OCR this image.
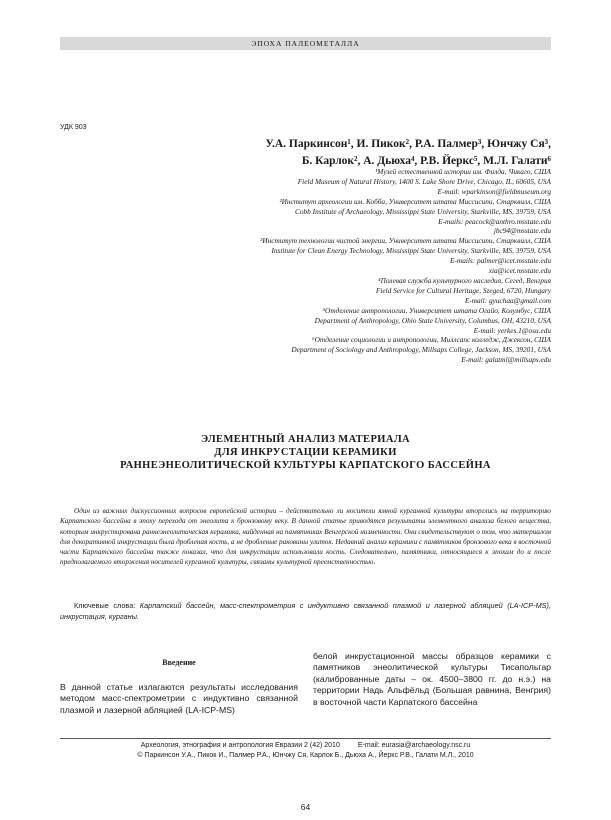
ЭПОХА ПАЛЕОМЕТАЛЛА
УДК 903
У.А. Паркинсон¹, И. Пикок², Р.А. Палмер³, Юнчжу Ся³,
Б. Карлок², А. Дьюха⁴, Р.В. Йеркс⁵, М.Л. Галати⁶
¹Музей естественной истории им. Филда, Чикаго, США
Field Museum of Natural History, 1400 S. Lake Shore Drive, Chicago, IL, 60605, USA
E-mail: wparkinson@fieldmuseum.org
²Институт археологии им. Кобба, Университет штата Миссисипи, Старквилл, США
Cobb Institute of Archaeology, Mississippi State University, Starkville, MS, 39759, USA
E-mails: peacock@anthro.msstate.edu
jbc94@msstate.edu
³Институт технологии чистой энергии, Университет штата Миссисипи, Старквилл, США
Institute for Clean Energy Technology, Mississippi State University, Starkville, MS, 39759, USA
E-mails: palmer@icet.msstate.edu
xia@icet.msstate.edu
⁴Полевая служба культурного наследия, Сегед, Венгрия
Field Service for Cultural Heritage, Szeged, 6720, Hungary
E-mail: gyuchaa@gmail.com
⁵Отделение антропологии, Университет штата Огайо, Колумбус, США
Department of Anthropology, Ohio State University, Columbus, OH, 43210, USA
E-mail: yerkes.1@osu.edu
⁶Отделение социологии и антропологии, Миллсапс колледж, Джексон, США
Department of Sociology and Anthropology, Millsaps College, Jackson, MS, 39201, USA
E-mail: galatml@millsaps.edu
ЭЛЕМЕНТНЫЙ АНАЛИЗ МАТЕРИАЛА
ДЛЯ ИНКРУСТАЦИИ КЕРАМИКИ
РАННЕЭНЕОЛИТИЧЕСКОЙ КУЛЬТУРЫ КАРПАТСКОГО БАССЕЙНА
Один из важных дискуссионных вопросов европейской истории – действительно ли носители ямной курганной культуры вторглись на территорию Карпатского бассейна в эпоху перехода от энеолита к бронзовому веку. В данной статье приводятся результаты элементного анализа белого вещества, которым инкрустирована раннеэнеолитическая керамика, найденная на памятниках Венгерской низменности. Они свидетельствуют о том, что материалом для декоративной инкрустации была дробленая кость, а не дробленые раковины улиток. Недавний анализ керамики с памятников бронзового века в восточной части Карпатского бассейна также показал, что для инкрустации использовали кость. Следовательно, памятники, относящиеся к эпохам до и после предполагаемого вторжения носителей курганной культуры, связаны культурной преемственностью.
Ключевые слова: Карпатский бассейн, масс-спектрометрия с индуктивно связанной плазмой и лазерной абляцией (LA-ICP-MS), инкрустация, курганы.
Введение
В данной статье излагаются результаты исследования методом масс-спектрометрии с индуктивно связанной плазмой и лазерной абляцией (LA-ICP-MS)
белой инкрустационной массы образцов керамики с памятников энеолитической культуры Тисапольгар (калиброванные даты – ок. 4500–3800 гг. до н.э.) на территории Надь Альфёльд (Большая равнина, Венгрия) в восточной части Карпатского бассейна
Археология, этнография и антропология Евразии 2 (42) 2010	E-mail: eurasia@archaeology.nsc.ru
© Паркинсон У.А., Пикок И., Палмер Р.А., Юнчжу Ся, Карлок Б., Дьюха А., Йеркс Р.В., Галати М.Л., 2010
64
